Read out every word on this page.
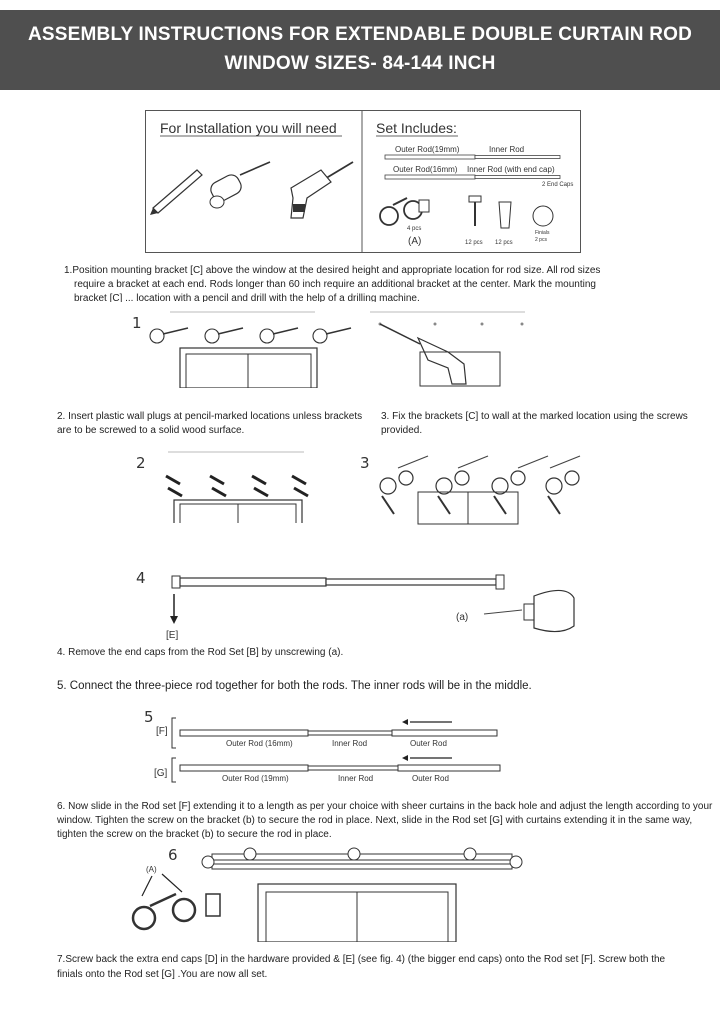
ASSEMBLY INSTRUCTIONS FOR EXTENDABLE DOUBLE CURTAIN ROD
WINDOW SIZES- 84-144 INCH
For Installation you will need	Set Includes:
Outer Rod(19mm)	Inner Rod
Outer Rod(16mm) Inner Rod (with end cap)
2 End Caps
4 pcs
(A)	12 pcs 12 pcs
Finials
2 pcs
1.Position mounting bracket [C] above the window at the desired height and appropriate location for rod size. All rod sizes
require a bracket at each end. Rods longer than 60 inch require an additional bracket at the center. Mark the mounting
bracket [C] ... location with a pencil and drill with the help of a drilling machine.
1
2. Insert plastic wall plugs at pencil-marked locations unless brackets
are to be screwed to a solid wood surface.
3. Fix the brackets [C] to wall at the marked location using the screws
provided.
2	3
4
[E]
(a)
4. Remove the end caps from the Rod Set [B] by unscrewing (a).
5. Connect the three-piece rod together for both the rods. The inner rods will be in the middle.
5
[F]
Outer Rod (16mm)	Inner Rod	Outer Rod
[G]	Outer Rod (19mm)	Inner Rod	Outer Rod
6. Now slide in the Rod set [F] extending it to a length as per your choice with sheer curtains in the back hole and adjust the length according to your
window. Tighten the screw on the bracket (b) to secure the rod in place. Next, slide in the Rod set [G] with curtains extending it in the same way,
tighten the screw on the bracket (b) to secure the rod in place.
6
(A)
7.Screw back the extra end caps [D] in the hardware provided & [E] (see fig. 4) (the bigger end caps) onto the Rod set [F]. Screw both the
finials onto the Rod set [G] .You are now all set.
